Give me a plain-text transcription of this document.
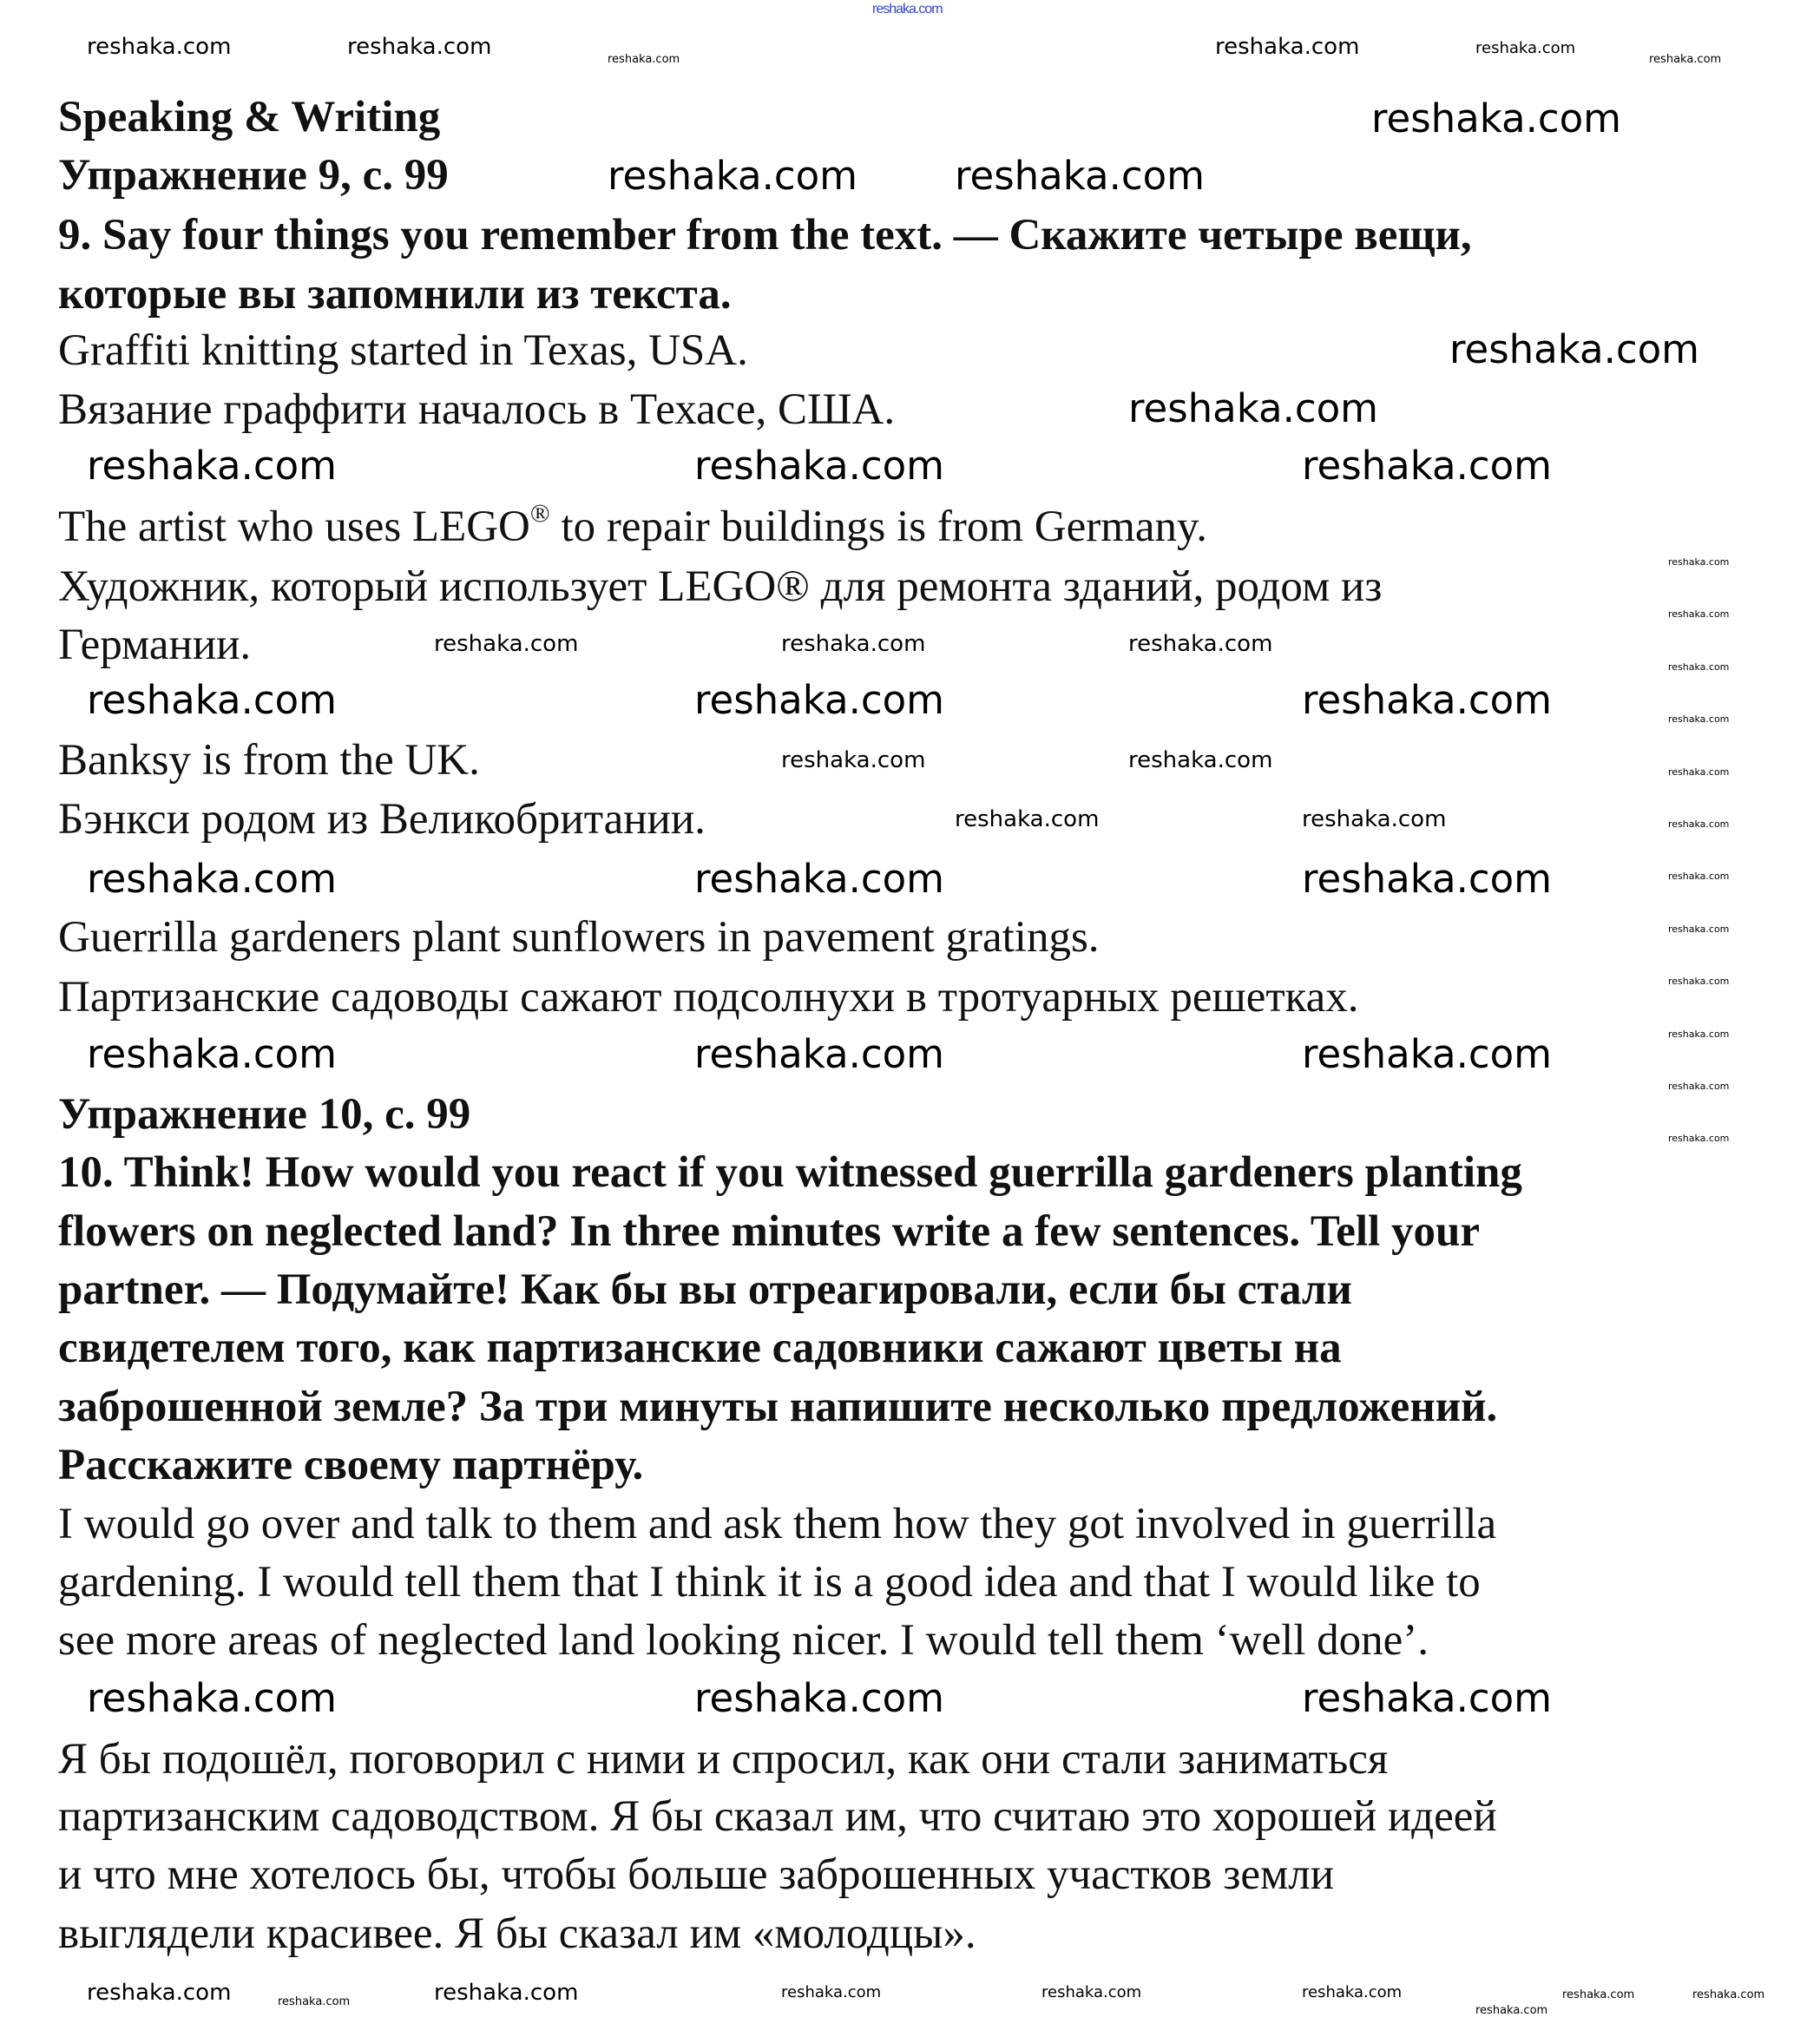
reshaka.com
Speaking & Writing
Упражнение 9, с. 99
9. Say four things you remember from the text. — Скажите четыре вещи,
которые вы запомнили из текста.
Graffiti knitting started in Texas, USA.
Вязание граффити началось в Техасе, США.
The artist who uses LEGO® to repair buildings is from Germany.
Художник, который использует LEGO® для ремонта зданий, родом из
Германии.
Banksy is from the UK.
Бэнкси родом из Великобритании.
Guerrilla gardeners plant sunflowers in pavement gratings.
Партизанские садоводы сажают подсолнухи в тротуарных решетках.
Упражнение 10, с. 99
10. Think! How would you react if you witnessed guerrilla gardeners planting
flowers on neglected land? In three minutes write a few sentences. Tell your
partner. — Подумайте! Как бы вы отреагировали, если бы стали
свидетелем того, как партизанские садовники сажают цветы на
заброшенной земле? За три минуты напишите несколько предложений.
Расскажите своему партнёру.
I would go over and talk to them and ask them how they got involved in guerrilla
gardening. I would tell them that I think it is a good idea and that I would like to
see more areas of neglected land looking nicer. I would tell them ‘well done’.
Я бы подошёл, поговорил с ними и спросил, как они стали заниматься
партизанским садоводством. Я бы сказал им, что считаю это хорошей идеей
и что мне хотелось бы, чтобы больше заброшенных участков земли
выглядели красивее. Я бы сказал им «молодцы».
reshaka.com
reshaka.com reshaka.com
reshaka.com
reshaka.com
reshaka.com	reshaka.com	reshaka.com
reshaka.com	reshaka.com	reshaka.com
reshaka.com	reshaka.com	reshaka.com
reshaka.com	reshaka.com	reshaka.com
reshaka.com	reshaka.com	reshaka.com
reshaka.com	reshaka.com
reshaka.com	reshaka.com
reshaka.com	reshaka.com	reshaka.com
reshaka.com	reshaka.com	reshaka.com
reshaka.com	reshaka.com	reshaka.com	reshaka.com	reshaka.com
reshaka.com
reshaka.com	reshaka.com
reshaka.com
reshaka.com	reshaka.com
reshaka.com
reshaka.com
reshaka.com
reshaka.com
reshaka.com
reshaka.com
reshaka.com
reshaka.com
reshaka.com
reshaka.com
reshaka.com
reshaka.com
reshaka.com
